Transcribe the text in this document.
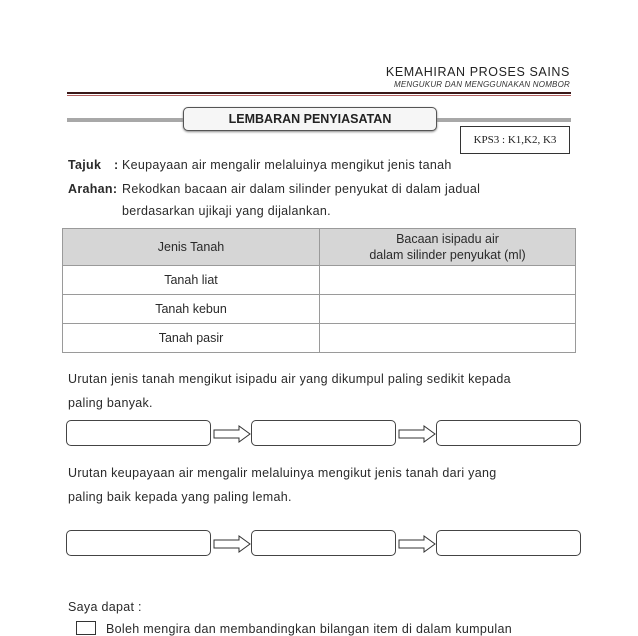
KEMAHIRAN PROSES SAINS
MENGUKUR DAN MENGGUNAKAN NOMBOR
LEMBARAN PENYIASATAN
KPS3 : K1,K2, K3
Tajuk : Keupayaan air mengalir melaluinya mengikut jenis tanah
Arahan: Rekodkan bacaan air dalam silinder penyukat di dalam jadual
berdasarkan ujikaji yang dijalankan.
Jenis Tanah	Bacaan isipadu air
dalam silinder penyukat (ml)

Tanah liat	
Tanah kebun	
Tanah pasir	
Urutan jenis tanah mengikut isipadu air yang dikumpul paling sedikit kepada
paling banyak.
Urutan keupayaan air mengalir melaluinya mengikut jenis tanah dari yang
paling baik kepada yang paling lemah.
Saya dapat :
Boleh mengira dan membandingkan bilangan item di dalam kumpulan
